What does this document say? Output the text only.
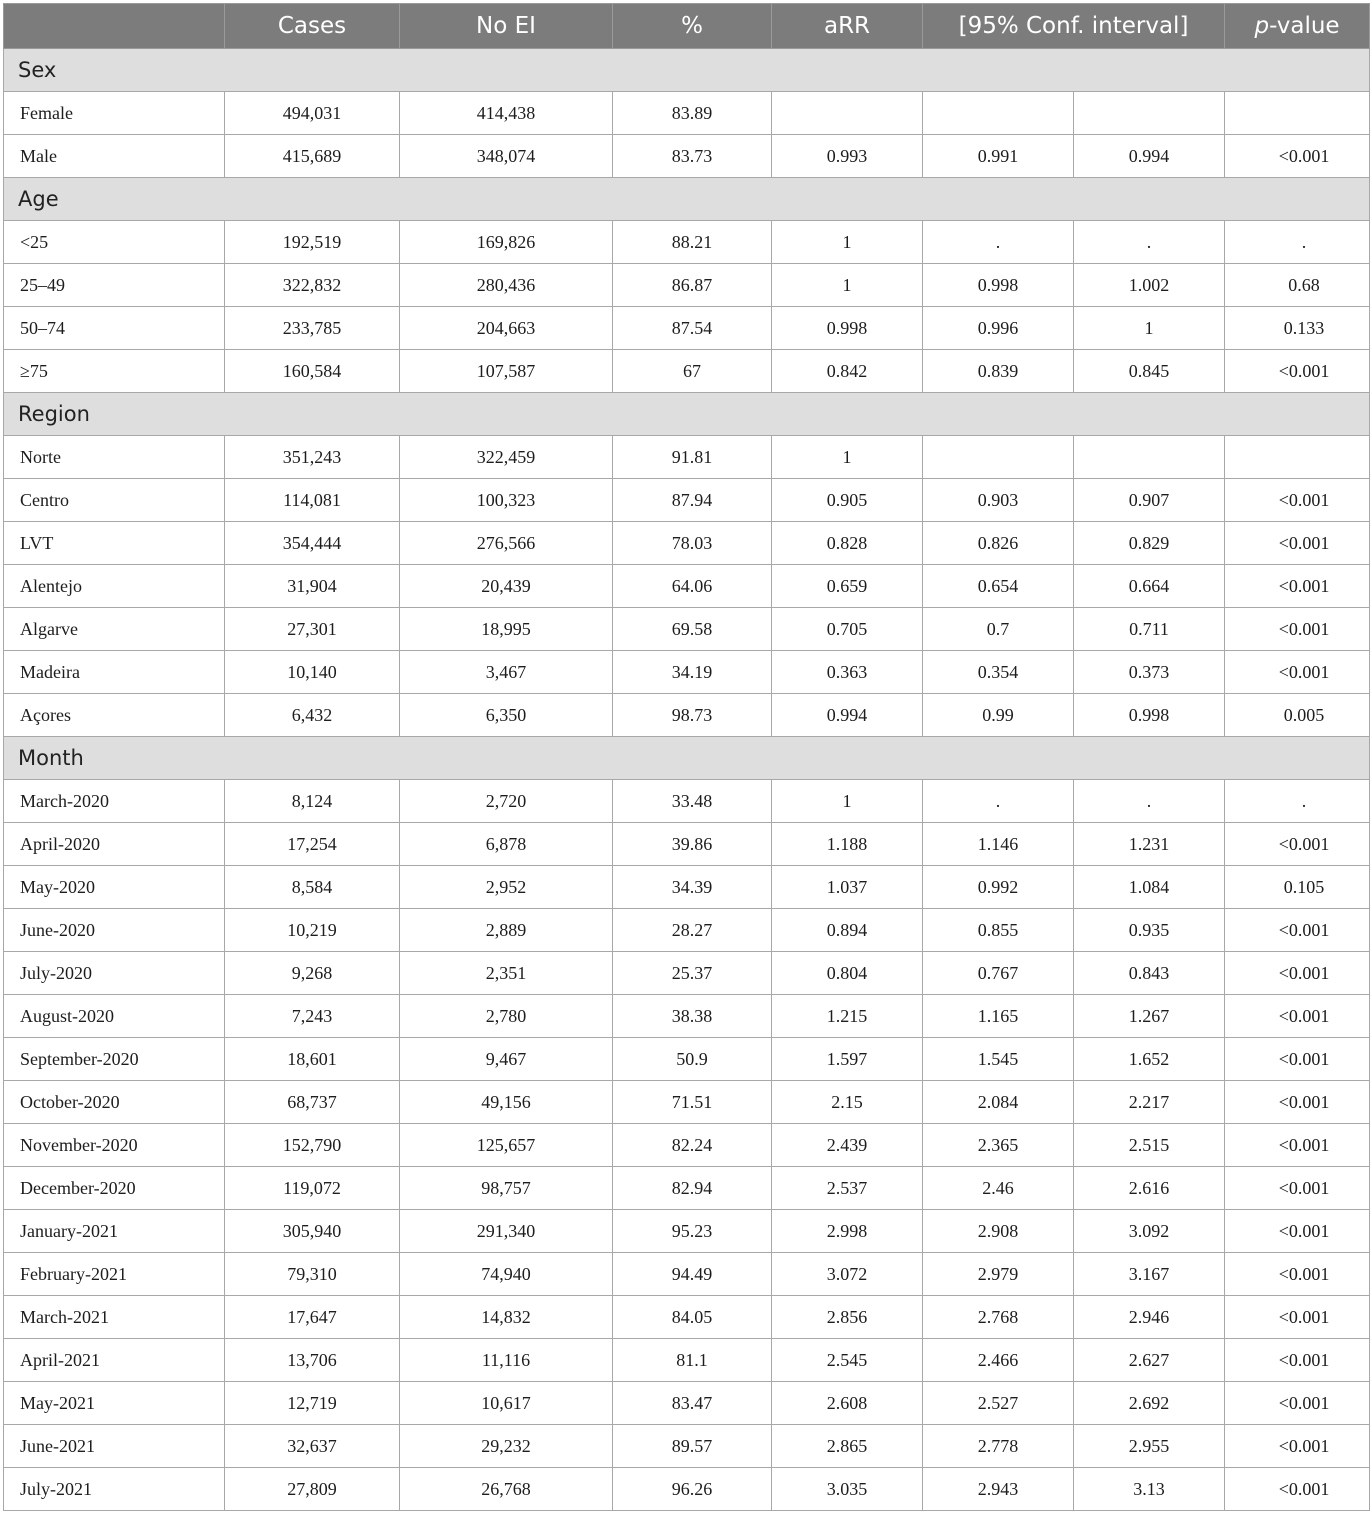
	Cases	No EI	%	aRR	[95% Conf. interval]		p-value
Sex							
Female	494,031	414,438	83.89				
Male	415,689	348,074	83.73	0.993	0.991	0.994	<0.001
Age							
<25	192,519	169,826	88.21	1	.	.	.
25–49	322,832	280,436	86.87	1	0.998	1.002	0.68
50–74	233,785	204,663	87.54	0.998	0.996	1	0.133
≥75	160,584	107,587	67	0.842	0.839	0.845	<0.001
Region							
Norte	351,243	322,459	91.81	1			
Centro	114,081	100,323	87.94	0.905	0.903	0.907	<0.001
LVT	354,444	276,566	78.03	0.828	0.826	0.829	<0.001
Alentejo	31,904	20,439	64.06	0.659	0.654	0.664	<0.001
Algarve	27,301	18,995	69.58	0.705	0.7	0.711	<0.001
Madeira	10,140	3,467	34.19	0.363	0.354	0.373	<0.001
Açores	6,432	6,350	98.73	0.994	0.99	0.998	0.005
Month							
March-2020	8,124	2,720	33.48	1	.	.	.
April-2020	17,254	6,878	39.86	1.188	1.146	1.231	<0.001
May-2020	8,584	2,952	34.39	1.037	0.992	1.084	0.105
June-2020	10,219	2,889	28.27	0.894	0.855	0.935	<0.001
July-2020	9,268	2,351	25.37	0.804	0.767	0.843	<0.001
August-2020	7,243	2,780	38.38	1.215	1.165	1.267	<0.001
September-2020	18,601	9,467	50.9	1.597	1.545	1.652	<0.001
October-2020	68,737	49,156	71.51	2.15	2.084	2.217	<0.001
November-2020	152,790	125,657	82.24	2.439	2.365	2.515	<0.001
December-2020	119,072	98,757	82.94	2.537	2.46	2.616	<0.001
January-2021	305,940	291,340	95.23	2.998	2.908	3.092	<0.001
February-2021	79,310	74,940	94.49	3.072	2.979	3.167	<0.001
March-2021	17,647	14,832	84.05	2.856	2.768	2.946	<0.001
April-2021	13,706	11,116	81.1	2.545	2.466	2.627	<0.001
May-2021	12,719	10,617	83.47	2.608	2.527	2.692	<0.001
June-2021	32,637	29,232	89.57	2.865	2.778	2.955	<0.001
July-2021	27,809	26,768	96.26	3.035	2.943	3.13	<0.001
